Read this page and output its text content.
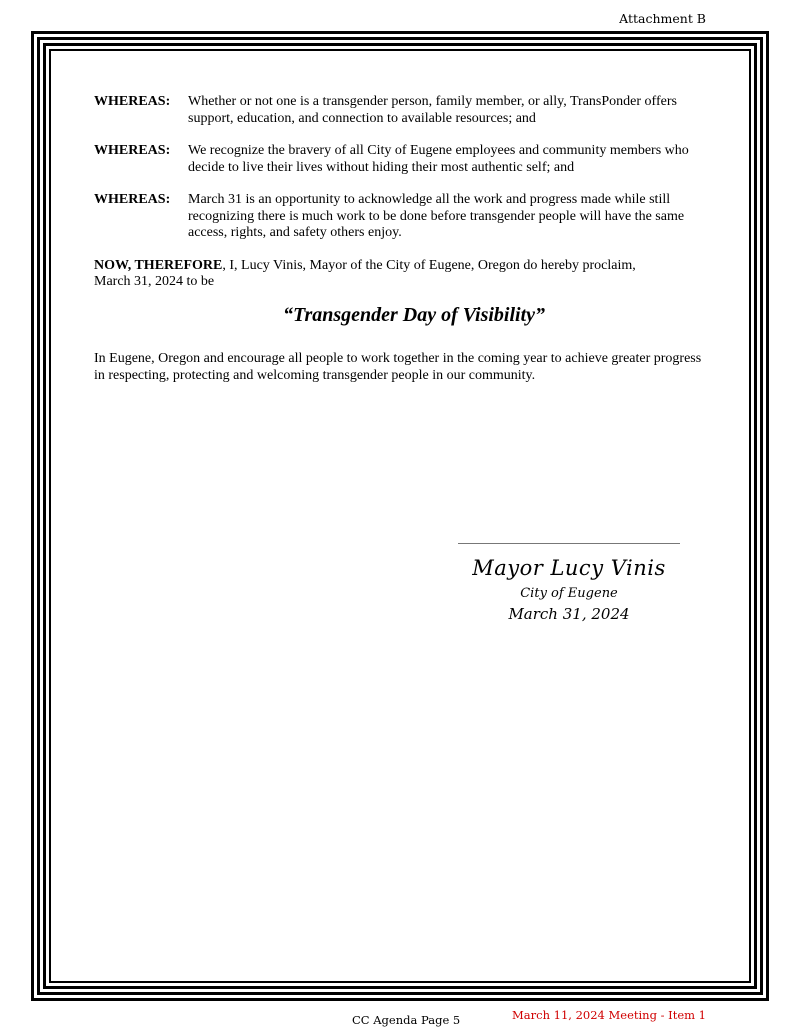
Attachment B
WHEREAS:	Whether or not one is a transgender person, family member, or ally, TransPonder offers support, education, and connection to available resources; and
WHEREAS:	We recognize the bravery of all City of Eugene employees and community members who decide to live their lives without hiding their most authentic self; and
WHEREAS:	March 31 is an opportunity to acknowledge all the work and progress made while still recognizing there is much work to be done before transgender people will have the same access, rights, and safety others enjoy.
NOW, THEREFORE, I, Lucy Vinis, Mayor of the City of Eugene, Oregon do hereby proclaim, March 31, 2024 to be
“Transgender Day of Visibility”
In Eugene, Oregon and encourage all people to work together in the coming year to achieve greater progress in respecting, protecting and welcoming transgender people in our community.
Mayor Lucy Vinis
City of Eugene
March 31, 2024
CC Agenda Page 5	March 11, 2024 Meeting - Item 1
